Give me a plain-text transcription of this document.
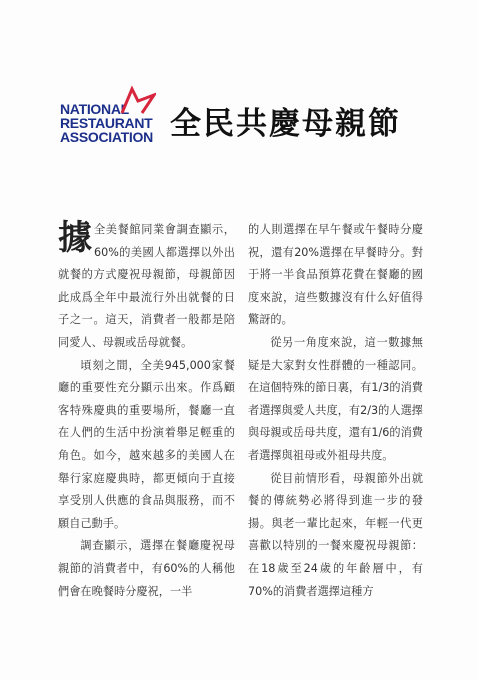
NATIONAL
RESTAURANT
ASSOCIATION 全民共慶母親節

據全美餐館同業會調查顯示，60%的美國人都選擇以外出就餐的方式慶祝母親節，母親節因此成爲全年中最流行外出就餐的日子之一。這天，消費者一般都是陪同愛人、母親或岳母就餐。

頃刻之間，全美945,000家餐廳的重要性充分顯示出來。作爲顧客特殊慶典的重要場所，餐廳一直在人們的生活中扮演着舉足輕重的角色。如今，越來越多的美國人在舉行家庭慶典時，都更傾向于直接享受別人供應的食品與服務，而不願自己動手。

調查顯示，選擇在餐廳慶祝母親節的消費者中，有60%的人稱他們會在晚餐時分慶祝，一半

的人則選擇在早午餐或午餐時分慶祝，還有20%選擇在早餐時分。對于將一半食品預算花費在餐廳的國度來說，這些數據沒有什么好值得驚訝的。

從另一角度來說，這一數據無疑是大家對女性群體的一種認同。在這個特殊的節日裏，有1/3的消費者選擇與愛人共度，有2/3的人選擇與母親或岳母共度，還有1/6的消費者選擇與祖母或外祖母共度。

從目前情形看，母親節外出就餐的傳統勢必將得到進一步的發揚。與老一輩比起來，年輕一代更喜歡以特別的一餐來慶祝母親節：在18歲至24歲的年齡層中，有70%的消費者選擇這種方
